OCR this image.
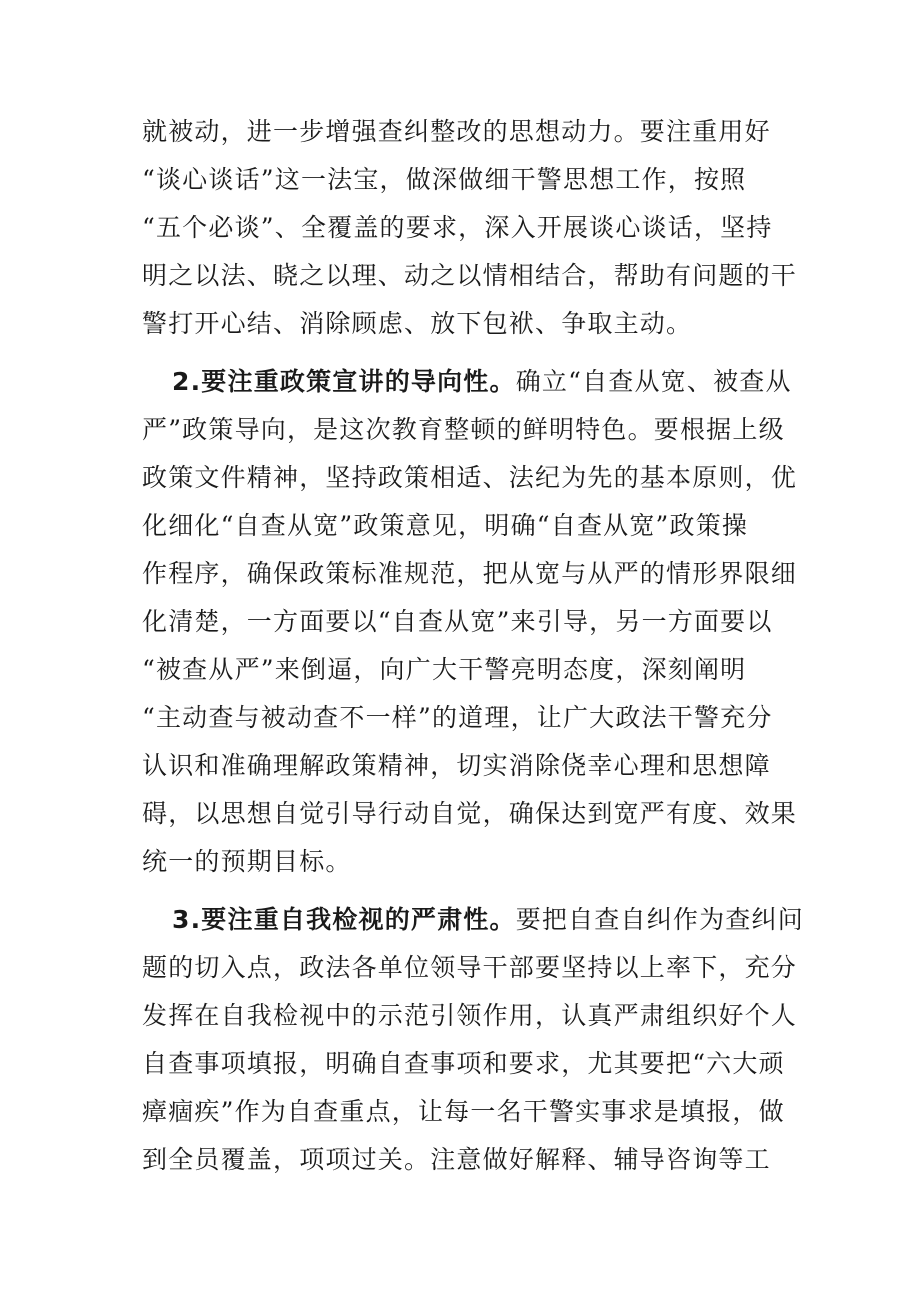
就被动，进一步增强查纠整改的思想动力。要注重用好
“谈心谈话”这一法宝，做深做细干警思想工作，按照
“五个必谈”、全覆盖的要求，深入开展谈心谈话，坚持
明之以法、晓之以理、动之以情相结合，帮助有问题的干
警打开心结、消除顾虑、放下包袱、争取主动。
2.要注重政策宣讲的导向性。确立“自查从宽、被查从
严”政策导向，是这次教育整顿的鲜明特色。要根据上级
政策文件精神，坚持政策相适、法纪为先的基本原则，优
化细化“自查从宽”政策意见，明确“自查从宽”政策操
作程序，确保政策标准规范，把从宽与从严的情形界限细
化清楚，一方面要以“自查从宽”来引导，另一方面要以
“被查从严”来倒逼，向广大干警亮明态度，深刻阐明
“主动查与被动查不一样”的道理，让广大政法干警充分
认识和准确理解政策精神，切实消除侥幸心理和思想障
碍，以思想自觉引导行动自觉，确保达到宽严有度、效果
统一的预期目标。
3.要注重自我检视的严肃性。要把自查自纠作为查纠问
题的切入点，政法各单位领导干部要坚持以上率下，充分
发挥在自我检视中的示范引领作用，认真严肃组织好个人
自查事项填报，明确自查事项和要求，尤其要把“六大顽
瘴痼疾”作为自查重点，让每一名干警实事求是填报，做
到全员覆盖，项项过关。注意做好解释、辅导咨询等工
